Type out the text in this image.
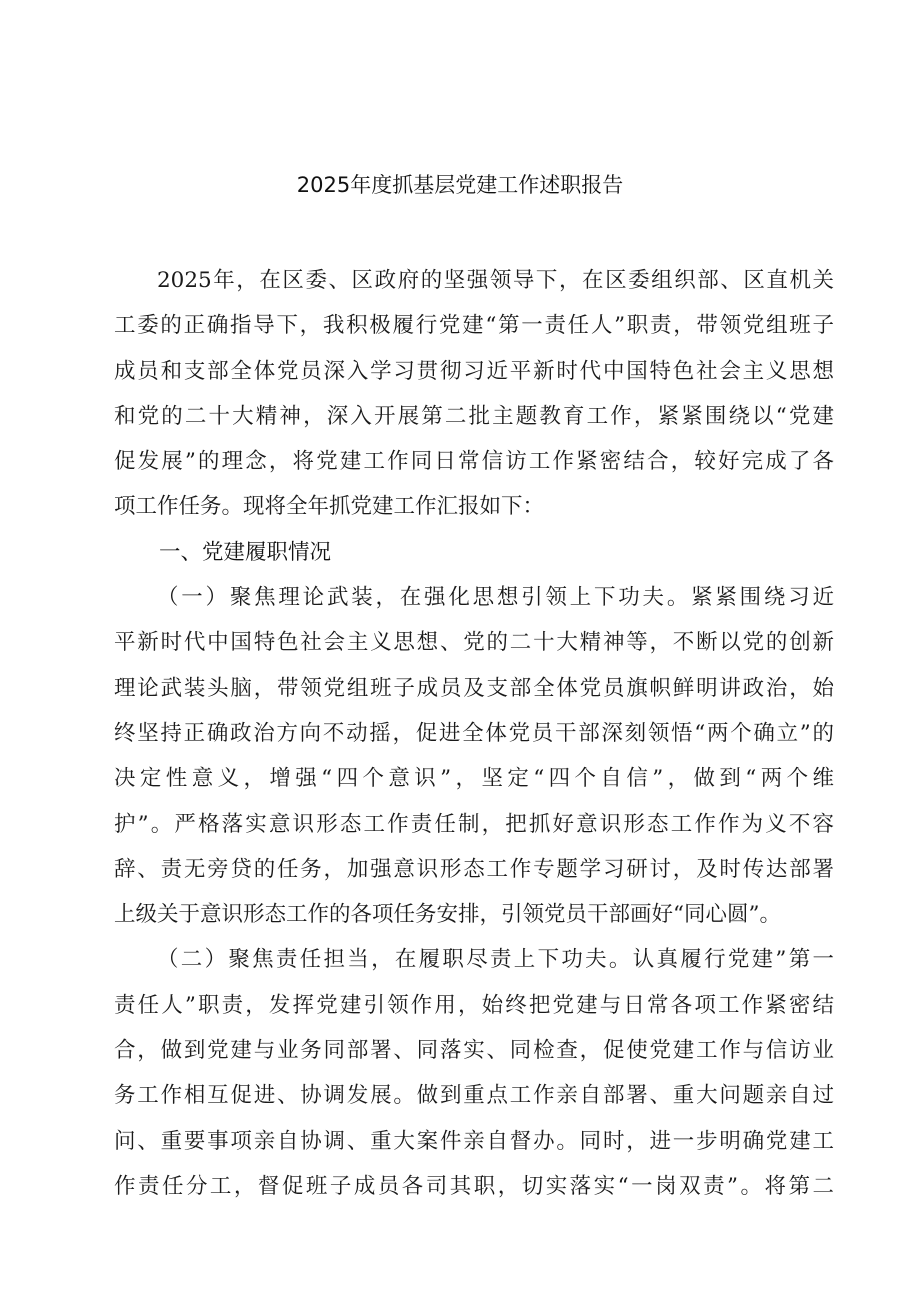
2025年度抓基层党建工作述职报告
2025年，在区委、区政府的坚强领导下，在区委组织部、区直机关
工委的正确指导下，我积极履行党建“第一责任人”职责，带领党组班子
成员和支部全体党员深入学习贯彻习近平新时代中国特色社会主义思想
和党的二十大精神，深入开展第二批主题教育工作，紧紧围绕以“党建
促发展”的理念，将党建工作同日常信访工作紧密结合，较好完成了各
项工作任务。现将全年抓党建工作汇报如下：
一、党建履职情况
（一）聚焦理论武装，在强化思想引领上下功夫。紧紧围绕习近
平新时代中国特色社会主义思想、党的二十大精神等，不断以党的创新
理论武装头脑，带领党组班子成员及支部全体党员旗帜鲜明讲政治，始
终坚持正确政治方向不动摇，促进全体党员干部深刻领悟“两个确立”的
决定性意义，增强“四个意识”，坚定“四个自信”，做到“两个维
护”。严格落实意识形态工作责任制，把抓好意识形态工作作为义不容
辞、责无旁贷的任务，加强意识形态工作专题学习研讨，及时传达部署
上级关于意识形态工作的各项任务安排，引领党员干部画好“同心圆”。
（二）聚焦责任担当，在履职尽责上下功夫。认真履行党建”第一
责任人”职责，发挥党建引领作用，始终把党建与日常各项工作紧密结
合，做到党建与业务同部署、同落实、同检查，促使党建工作与信访业
务工作相互促进、协调发展。做到重点工作亲自部署、重大问题亲自过
问、重要事项亲自协调、重大案件亲自督办。同时，进一步明确党建工
作责任分工，督促班子成员各司其职，切实落实“一岗双责”。将第二
